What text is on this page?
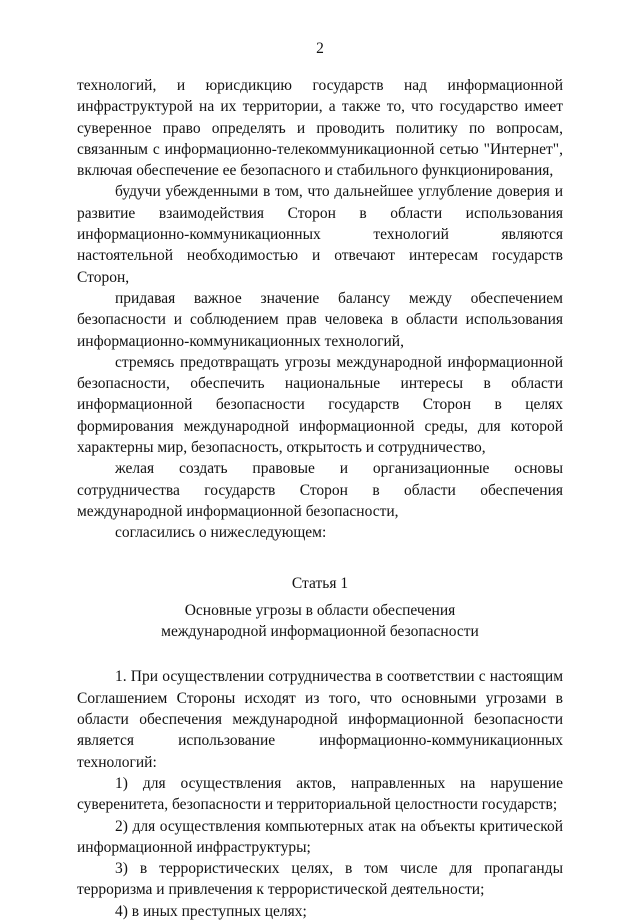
2

технологий, и юрисдикцию государств над информационной инфраструктурой на их территории, а также то, что государство имеет суверенное право определять и проводить политику по вопросам, связанным с информационно-телекоммуникационной сетью "Интернет", включая обеспечение ее безопасного и стабильного функционирования,

будучи убежденными в том, что дальнейшее углубление доверия и развитие взаимодействия Сторон в области использования информационно-коммуникационных технологий являются настоятельной необходимостью и отвечают интересам государств Сторон,

придавая важное значение балансу между обеспечением безопасности и соблюдением прав человека в области использования информационно-коммуникационных технологий,

стремясь предотвращать угрозы международной информационной безопасности, обеспечить национальные интересы в области информационной безопасности государств Сторон в целях формирования международной информационной среды, для которой характерны мир, безопасность, открытость и сотрудничество,

желая создать правовые и организационные основы сотрудничества государств Сторон в области обеспечения международной информационной безопасности,

согласились о нижеследующем:

Статья 1

Основные угрозы в области обеспечения
международной информационной безопасности

1. При осуществлении сотрудничества в соответствии с настоящим Соглашением Стороны исходят из того, что основными угрозами в области обеспечения международной информационной безопасности является использование информационно-коммуникационных технологий:

1) для осуществления актов, направленных на нарушение суверенитета, безопасности и территориальной целостности государств;

2) для осуществления компьютерных атак на объекты критической информационной инфраструктуры;

3) в террористических целях, в том числе для пропаганды терроризма и привлечения к террористической деятельности;

4) в иных преступных целях;
